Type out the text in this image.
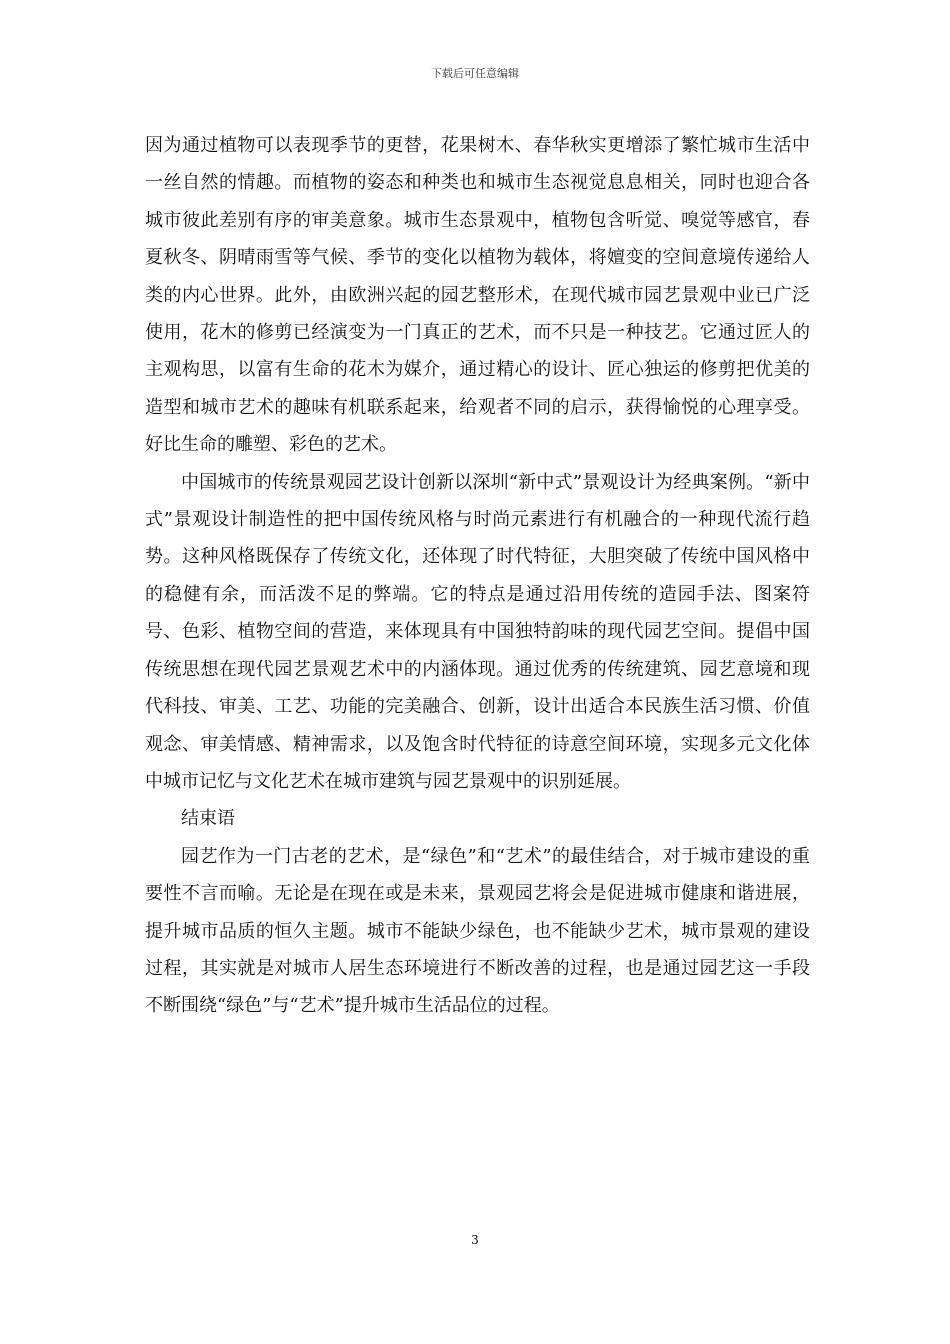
下载后可任意编辑

因为通过植物可以表现季节的更替，花果树木、春华秋实更增添了繁忙城市生活中一丝自然的情趣。而植物的姿态和种类也和城市生态视觉息息相关，同时也迎合各城市彼此差别有序的审美意象。城市生态景观中，植物包含听觉、嗅觉等感官，春夏秋冬、阴晴雨雪等气候、季节的变化以植物为载体，将嬗变的空间意境传递给人类的内心世界。此外，由欧洲兴起的园艺整形术，在现代城市园艺景观中业已广泛使用，花木的修剪已经演变为一门真正的艺术，而不只是一种技艺。它通过匠人的主观构思，以富有生命的花木为媒介，通过精心的设计、匠心独运的修剪把优美的造型和城市艺术的趣味有机联系起来，给观者不同的启示，获得愉悦的心理享受。好比生命的雕塑、彩色的艺术。

中国城市的传统景观园艺设计创新以深圳“新中式”景观设计为经典案例。“新中式”景观设计制造性的把中国传统风格与时尚元素进行有机融合的一种现代流行趋势。这种风格既保存了传统文化，还体现了时代特征，大胆突破了传统中国风格中的稳健有余，而活泼不足的弊端。它的特点是通过沿用传统的造园手法、图案符号、色彩、植物空间的营造，来体现具有中国独特韵味的现代园艺空间。提倡中国传统思想在现代园艺景观艺术中的内涵体现。通过优秀的传统建筑、园艺意境和现代科技、审美、工艺、功能的完美融合、创新，设计出适合本民族生活习惯、价值观念、审美情感、精神需求，以及饱含时代特征的诗意空间环境，实现多元文化体中城市记忆与文化艺术在城市建筑与园艺景观中的识别延展。

结束语

园艺作为一门古老的艺术，是“绿色”和“艺术”的最佳结合，对于城市建设的重要性不言而喻。无论是在现在或是未来，景观园艺将会是促进城市健康和谐进展，提升城市品质的恒久主题。城市不能缺少绿色，也不能缺少艺术，城市景观的建设过程，其实就是对城市人居生态环境进行不断改善的过程，也是通过园艺这一手段不断围绕“绿色”与“艺术”提升城市生活品位的过程。

3
